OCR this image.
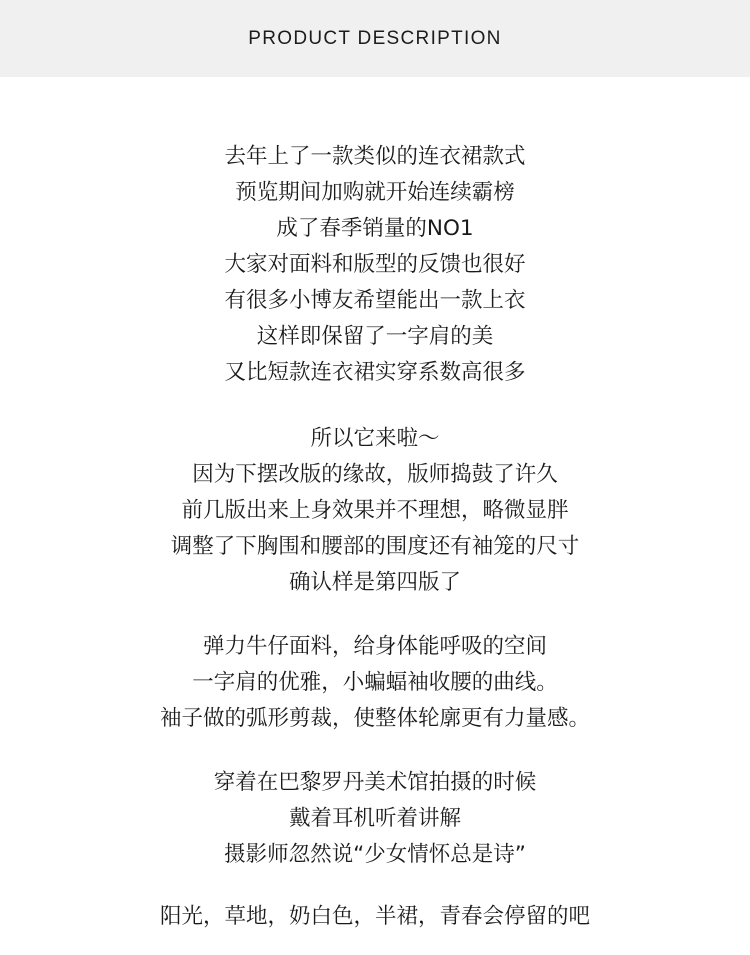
PRODUCT DESCRIPTION
去年上了一款类似的连衣裙款式
预览期间加购就开始连续霸榜
成了春季销量的NO1
大家对面料和版型的反馈也很好
有很多小博友希望能出一款上衣
这样即保留了一字肩的美
又比短款连衣裙实穿系数高很多
所以它来啦～
因为下摆改版的缘故，版师捣鼓了许久
前几版出来上身效果并不理想，略微显胖
调整了下胸围和腰部的围度还有袖笼的尺寸
确认样是第四版了
弹力牛仔面料，给身体能呼吸的空间
一字肩的优雅，小蝙蝠袖收腰的曲线。
袖子做的弧形剪裁，使整体轮廓更有力量感。
穿着在巴黎罗丹美术馆拍摄的时候
戴着耳机听着讲解
摄影师忽然说“少女情怀总是诗”
阳光，草地，奶白色，半裙，青春会停留的吧
